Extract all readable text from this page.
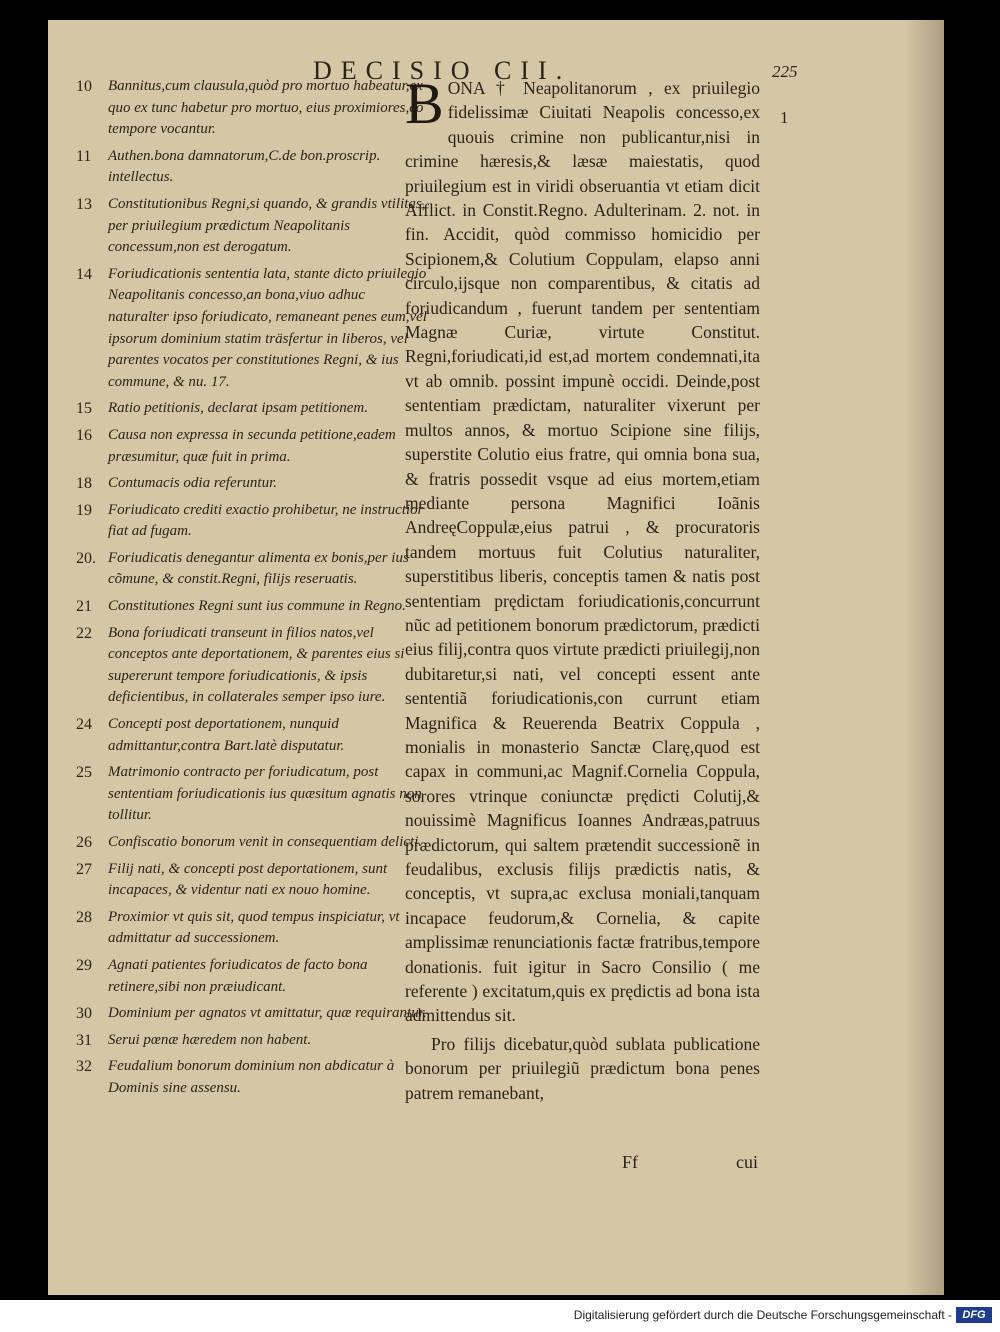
DECISIO CII.	225
10	Bannitus,cum clausula,quòd pro mortuo habeatur,ex quo ex tunc habetur pro mortuo, eius proximiores,eo tempore vocantur.
11	Authen.bona damnatorum,C.de bon.proscrip. intellectus.
13	Constitutionibus Regni,si quando, & grandis vtilitas, per priuilegium prædictum Neapolitanis concessum,non est derogatum.
14	Foriudicationis sententia lata, stante dicto priuilegio Neapolitanis concesso,an bona,viuo adhuc naturalter ipso foriudicato, remaneant penes eum,vel ipsorum dominium statim träsfertur in liberos, vel parentes vocatos per constitutiones Regni, & ius commune, & nu. 17.
15	Ratio petitionis, declarat ipsam petitionem.
16	Causa non expressa in secunda petitione,eadem præsumitur, quæ fuit in prima.
18	Contumacis odia referuntur.
19	Foriudicato crediti exactio prohibetur, ne instructior fiat ad fugam.
20. Foriudicatis denegantur alimenta ex bonis,per ius cõmune, & constit.Regni, filijs reseruatis.
21	Constitutiones Regni sunt ius commune in Regno.
22	Bona foriudicati transeunt in filios natos,vel conceptos ante deportationem, & parentes eius si supererunt tempore foriudicationis, & ipsis deficientibus, in collaterales semper ipso iure.
24	Concepti post deportationem, nunquid admittantur,contra Bart.latè disputatur.
25	Matrimonio contracto per foriudicatum, post sententiam foriudicationis ius quæsitum agnatis non tollitur.
26	Confiscatio bonorum venit in consequentiam delicti.
27	Filij nati, & concepti post deportationem, sunt incapaces, & videntur nati ex nouo homine.
28	Proximior vt quis sit, quod tempus inspiciatur, vt admittatur ad successionem.
29	Agnati patientes foriudicatos de facto bona retinere,sibi non præiudicant.
30	Dominium per agnatos vt amittatur, quæ requirantur.
31	Serui pœnæ hæredem non habent.
32	Feudalium bonorum dominium non abdicatur à Dominis sine assensu.
B ONA † Neapolitanorum , ex priuilegio fidelissimæ Ciuitati Neapolis concesso,ex quouis crimine non publicantur,nisi in crimine hæresis,& læsæ maiestatis, quod priuilegium est in viridi obseruantia vt etiam dicit Afflict. in Constit.Regno. Adulterinam. 2. not. in fin. Accidit, quòd commisso homicidio per Scipionem,& Colutium Coppulam, elapso anni circulo,ijsque non comparentibus, & citatis ad foriudicandum , fuerunt tandem per sententiam Magnæ Curiæ, virtute Constitut. Regni,foriudicati,id est,ad mortem condemnati,ita vt ab omnib. possint impunè occidi. Deinde,post sententiam prædictam, naturaliter vixerunt per multos annos, & mortuo Scipione sine filijs, superstite Colutio eius fratre, qui omnia bona sua, & fratris possedit vsque ad eius mortem,etiam mediante persona Magnifici Ioãnis AndreęCoppulæ,eius patrui , & procuratoris tandem mortuus fuit Colutius naturaliter, superstitibus liberis, conceptis tamen & natis post sententiam prędictam foriudicationis,concurrunt nũc ad petitionem bonorum prædictorum, prædicti eius filij,contra quos virtute prædicti priuilegij,non dubitaretur,si nati, vel concepti essent ante sententiã foriudicationis,con currunt etiam Magnifica & Reuerenda Beatrix Coppula , monialis in monasterio Sanctæ Clarę,quod est capax in communi,ac Magnif.Cornelia Coppula, sorores vtrinque coniunctæ prędicti Colutij,& nouissimè Magnificus Ioannes Andræas,patruus prædictorum, qui saltem prætendit successionẽ in feudalibus, exclusis filijs prædictis natis, & conceptis, vt supra,ac exclusa moniali,tanquam incapace feudorum,& Cornelia, & capite amplissimæ renunciationis factæ fratribus,tempore donationis. fuit igitur in Sacro Consilio ( me referente ) excitatum,quis ex prędictis ad bona ista admittendus sit.

Pro filijs dicebatur,quòd sublata publicatione bonorum per priuilegiũ prædictum bona penes patrem remanebant,

1
Ff	cui
Digitalisierung gefördert durch die Deutsche Forschungsgemeinschaft - DFG
